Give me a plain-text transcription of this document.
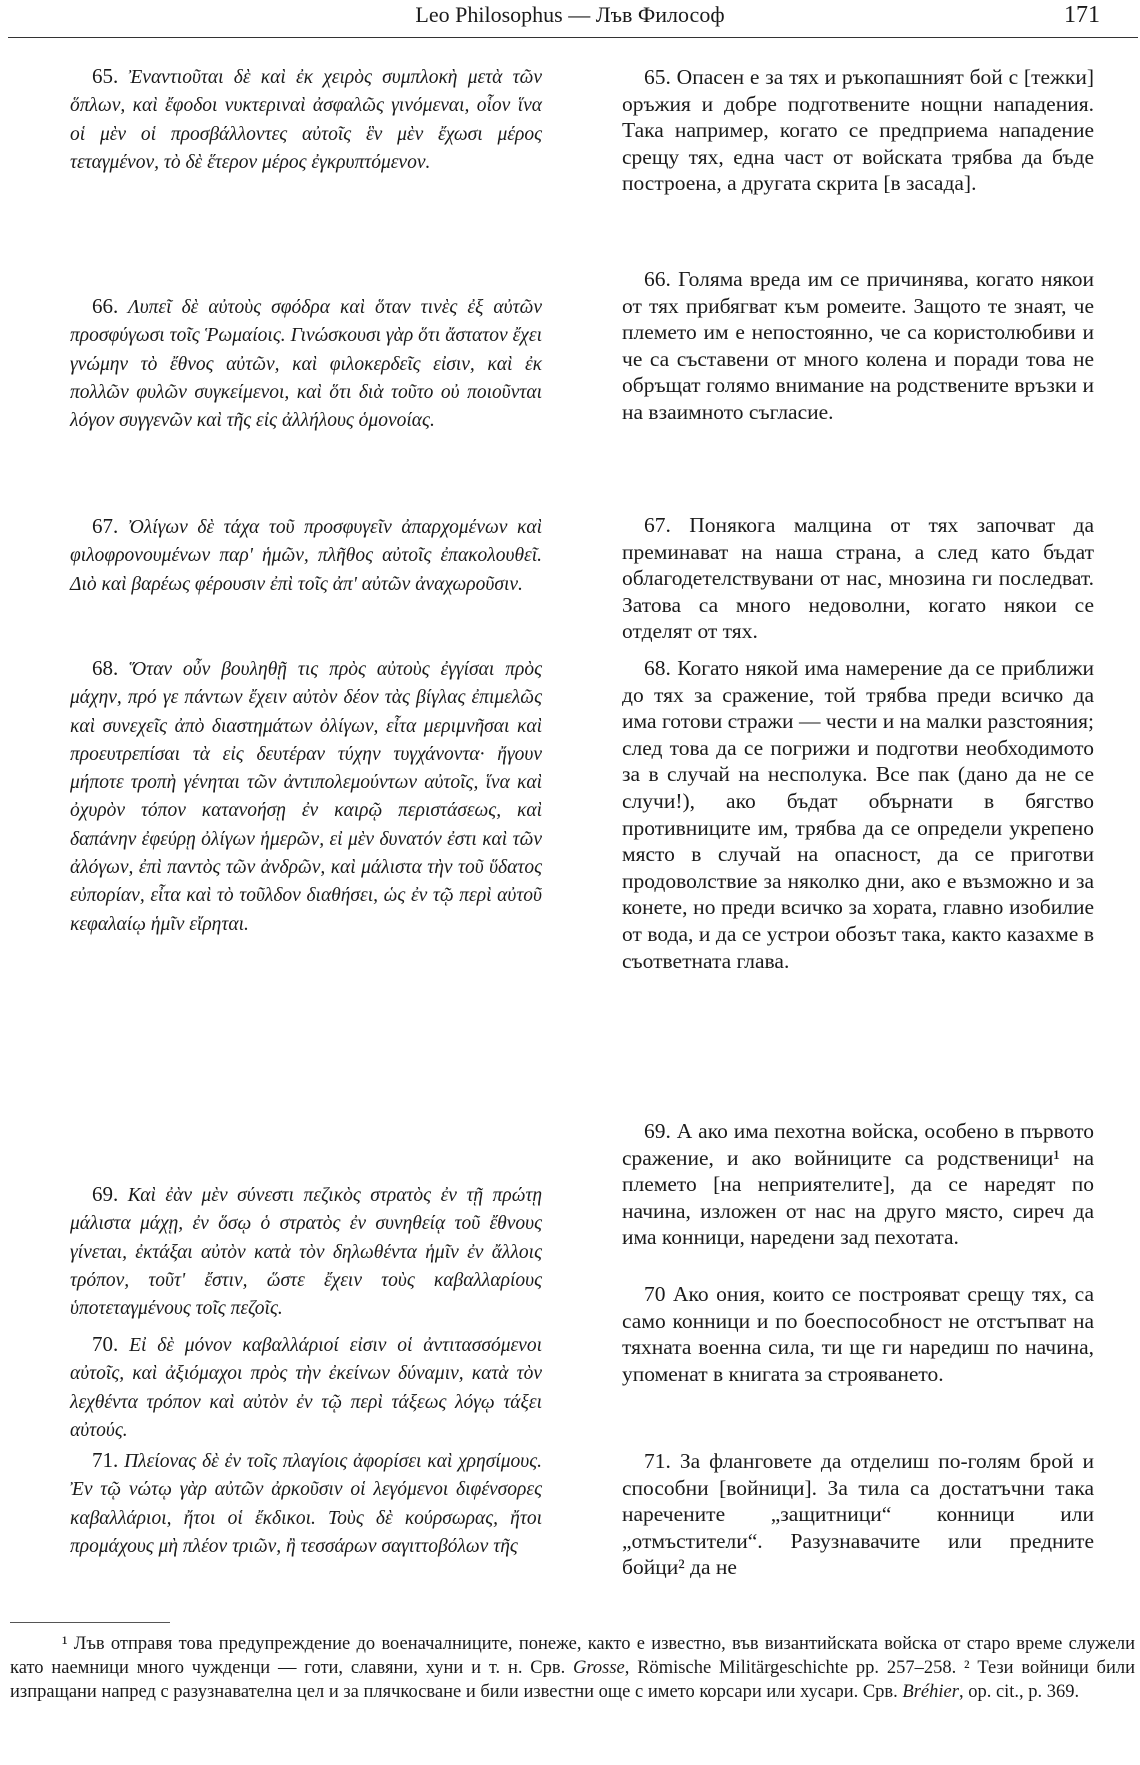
Leo Philosophus — Лъв Философ	171

65. Ἐναντιοῦται δὲ καὶ ἐκ χειρὸς συμπλοκὴ μετὰ τῶν ὅπλων, καὶ ἔφοδοι νυκτεριναὶ ἀσφαλῶς γινόμεναι, οἷον ἵνα οἱ μὲν οἱ προσβάλλοντες αὐτοῖς ἓν μὲν ἔχωσι μέρος τεταγμένον, τὸ δὲ ἕτερον μέρος ἐγκρυπτόμενον.

66. Λυπεῖ δὲ αὐτοὺς σφόδρα καὶ ὅταν τινὲς ἐξ αὐτῶν προσφύγωσι τοῖς Ῥωμαίοις. Γινώσκουσι γὰρ ὅτι ἄστατον ἔχει γνώμην τὸ ἔθνος αὐτῶν, καὶ φιλοκερδεῖς εἰσιν, καὶ ἐκ πολλῶν φυλῶν συγκείμενοι, καὶ ὅτι διὰ τοῦτο οὐ ποιοῦνται λόγον συγγενῶν καὶ τῆς εἰς ἀλλήλους ὁμονοίας.

67. Ὀλίγων δὲ τάχα τοῦ προσφυγεῖν ἀπαρχομένων καὶ φιλοφρονουμένων παρ' ἡμῶν, πλῆθος αὐτοῖς ἐπακολουθεῖ. Διὸ καὶ βαρέως φέρουσιν ἐπὶ τοῖς ἀπ' αὐτῶν ἀναχωροῦσιν.

68. Ὅταν οὖν βουληθῇ τις πρὸς αὐτοὺς ἐγγίσαι πρὸς μάχην, πρό γε πάντων ἔχειν αὐτὸν δέον τὰς βίγλας ἐπιμελῶς καὶ συνεχεῖς ἀπὸ διαστημάτων ὀλίγων, εἶτα μεριμνῆσαι καὶ προευτρεπίσαι τὰ εἰς δευτέραν τύχην τυγχάνοντα· ἤγουν μήποτε τροπὴ γένηται τῶν ἀντιπολεμούντων αὐτοῖς, ἵνα καὶ ὀχυρὸν τόπον κατανοήσῃ ἐν καιρῷ περιστάσεως, καὶ δαπάνην ἐφεύρῃ ὀλίγων ἡμερῶν, εἰ μὲν δυνατόν ἐστι καὶ τῶν ἀλόγων, ἐπὶ παντὸς τῶν ἀνδρῶν, καὶ μάλιστα τὴν τοῦ ὕδατος εὐπορίαν, εἶτα καὶ τὸ τοῦλδον διαθήσει, ὡς ἐν τῷ περὶ αὐτοῦ κεφαλαίῳ ἡμῖν εἴρηται.

69. Καὶ ἐὰν μὲν σύνεστι πεζικὸς στρατὸς ἐν τῇ πρώτῃ μάλιστα μάχῃ, ἐν ὅσῳ ὁ στρατὸς ἐν συνηθείᾳ τοῦ ἔθνους γίνεται, ἐκτάξαι αὐτὸν κατὰ τὸν δηλωθέντα ἡμῖν ἐν ἄλλοις τρόπον, τοῦτ' ἔστιν, ὥστε ἔχειν τοὺς καβαλλαρίους ὑποτεταγμένους τοῖς πεζοῖς.

70. Εἰ δὲ μόνον καβαλλάριοί εἰσιν οἱ ἀντιτασσόμενοι αὐτοῖς, καὶ ἀξιόμαχοι πρὸς τὴν ἐκείνων δύναμιν, κατὰ τὸν λεχθέντα τρόπον καὶ αὐτὸν ἐν τῷ περὶ τάξεως λόγῳ τάξει αὐτούς.

71. Πλείονας δὲ ἐν τοῖς πλαγίοις ἀφορίσει καὶ χρησίμους. Ἐν τῷ νώτῳ γὰρ αὐτῶν ἀρκοῦσιν οἱ λεγόμενοι διφένσορες καβαλλάριοι, ἤτοι οἱ ἔκδικοι. Τοὺς δὲ κούρσωρας, ἤτοι προμάχους μὴ πλέον τριῶν, ἢ τεσσάρων σαγιττοβόλων τῆς

65. Опасен е за тях и ръкопашният бой с [тежки] оръжия и добре подготвените нощни нападения. Така например, когато се предприема нападение срещу тях, една част от войската трябва да бъде построена, а другата скрита [в засада].

66. Голяма вреда им се причинява, когато някои от тях прибягват към ромеите. Защото те знаят, че племето им е непостоянно, че са користолюбиви и че са съставени от много колена и поради това не обръщат голямо внимание на родствените връзки и на взаимното съгласие.

67. Понякога малцина от тях започват да преминават на наша страна, а след като бъдат облагодетелствувани от нас, мнозина ги последват. Затова са много недоволни, когато някои се отделят от тях.

68. Когато някой има намерение да се приближи до тях за сражение, той трябва преди всичко да има готови стражи — чести и на малки разстояния; след това да се погрижи и подготви необходимото за в случай на несполука. Все пак (дано да не се случи!), ако бъдат обърнати в бягство противниците им, трябва да се определи укрепено място в случай на опасност, да се приготви продоволствие за няколко дни, ако е възможно и за конете, но преди всичко за хората, главно изобилие от вода, и да се устрои обозът така, както казахме в съответната глава.

69. А ако има пехотна войска, особено в първото сражение, и ако войниците са родственици¹ на племето [на неприятелите], да се наредят по начина, изложен от нас на друго място, сиреч да има конници, наредени зад пехотата.

70 Ако ония, които се построяват срещу тях, са само конници и по боеспособност не отстъпват на тяхната военна сила, ти ще ги наредиш по начина, упоменат в книгата за строяването.

71. За фланговете да отделиш по-голям брой и способни [войници]. За тила са достатъчни така наречените „защитници“ конници или „отмъстители“. Разузнавачите или предните бойци² да не

¹ Лъв отправя това предупреждение до военачалниците, понеже, както е известно, във византийската войска от старо време служели като наемници много чужденци — готи, славяни, хуни и т. н. Срв. Grosse, Römische Militärgeschichte pp. 257–258. ² Тези войници били изпращани напред с разузнавателна цел и за плячкосване и били известни още с името корсари или хусари. Срв. Bréhier, op. cit., p. 369.
